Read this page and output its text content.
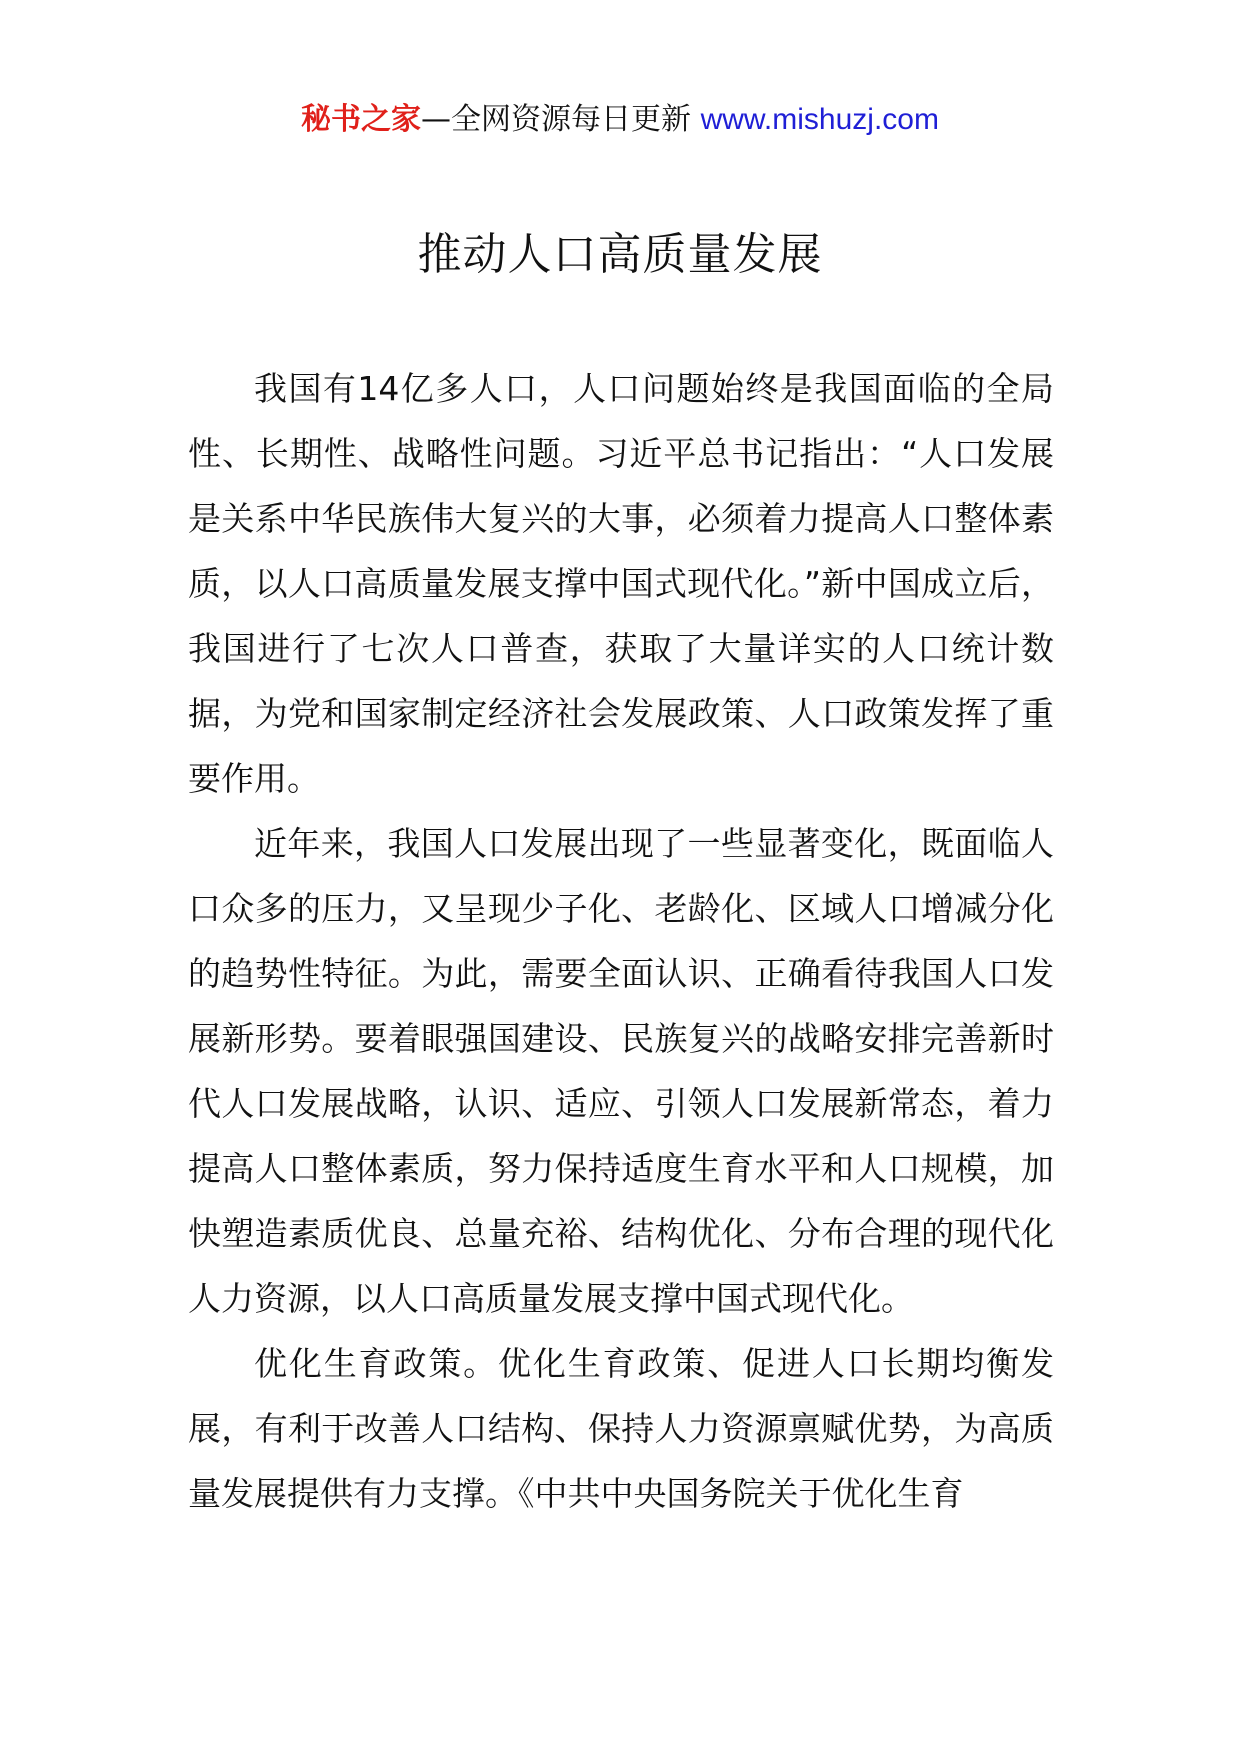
秘书之家—全网资源每日更新 www.mishuzj.com
推动人口高质量发展

我国有14亿多人口，人口问题始终是我国面临的全局性、长期性、战略性问题。习近平总书记指出：“人口发展是关系中华民族伟大复兴的大事，必须着力提高人口整体素质，以人口高质量发展支撑中国式现代化。”新中国成立后，我国进行了七次人口普查，获取了大量详实的人口统计数据，为党和国家制定经济社会发展政策、人口政策发挥了重要作用。

近年来，我国人口发展出现了一些显著变化，既面临人口众多的压力，又呈现少子化、老龄化、区域人口增减分化的趋势性特征。为此，需要全面认识、正确看待我国人口发展新形势。要着眼强国建设、民族复兴的战略安排完善新时代人口发展战略，认识、适应、引领人口发展新常态，着力提高人口整体素质，努力保持适度生育水平和人口规模，加快塑造素质优良、总量充裕、结构优化、分布合理的现代化人力资源，以人口高质量发展支撑中国式现代化。

优化生育政策。优化生育政策、促进人口长期均衡发展，有利于改善人口结构、保持人力资源禀赋优势，为高质量发展提供有力支撑。《中共中央国务院关于优化生育
